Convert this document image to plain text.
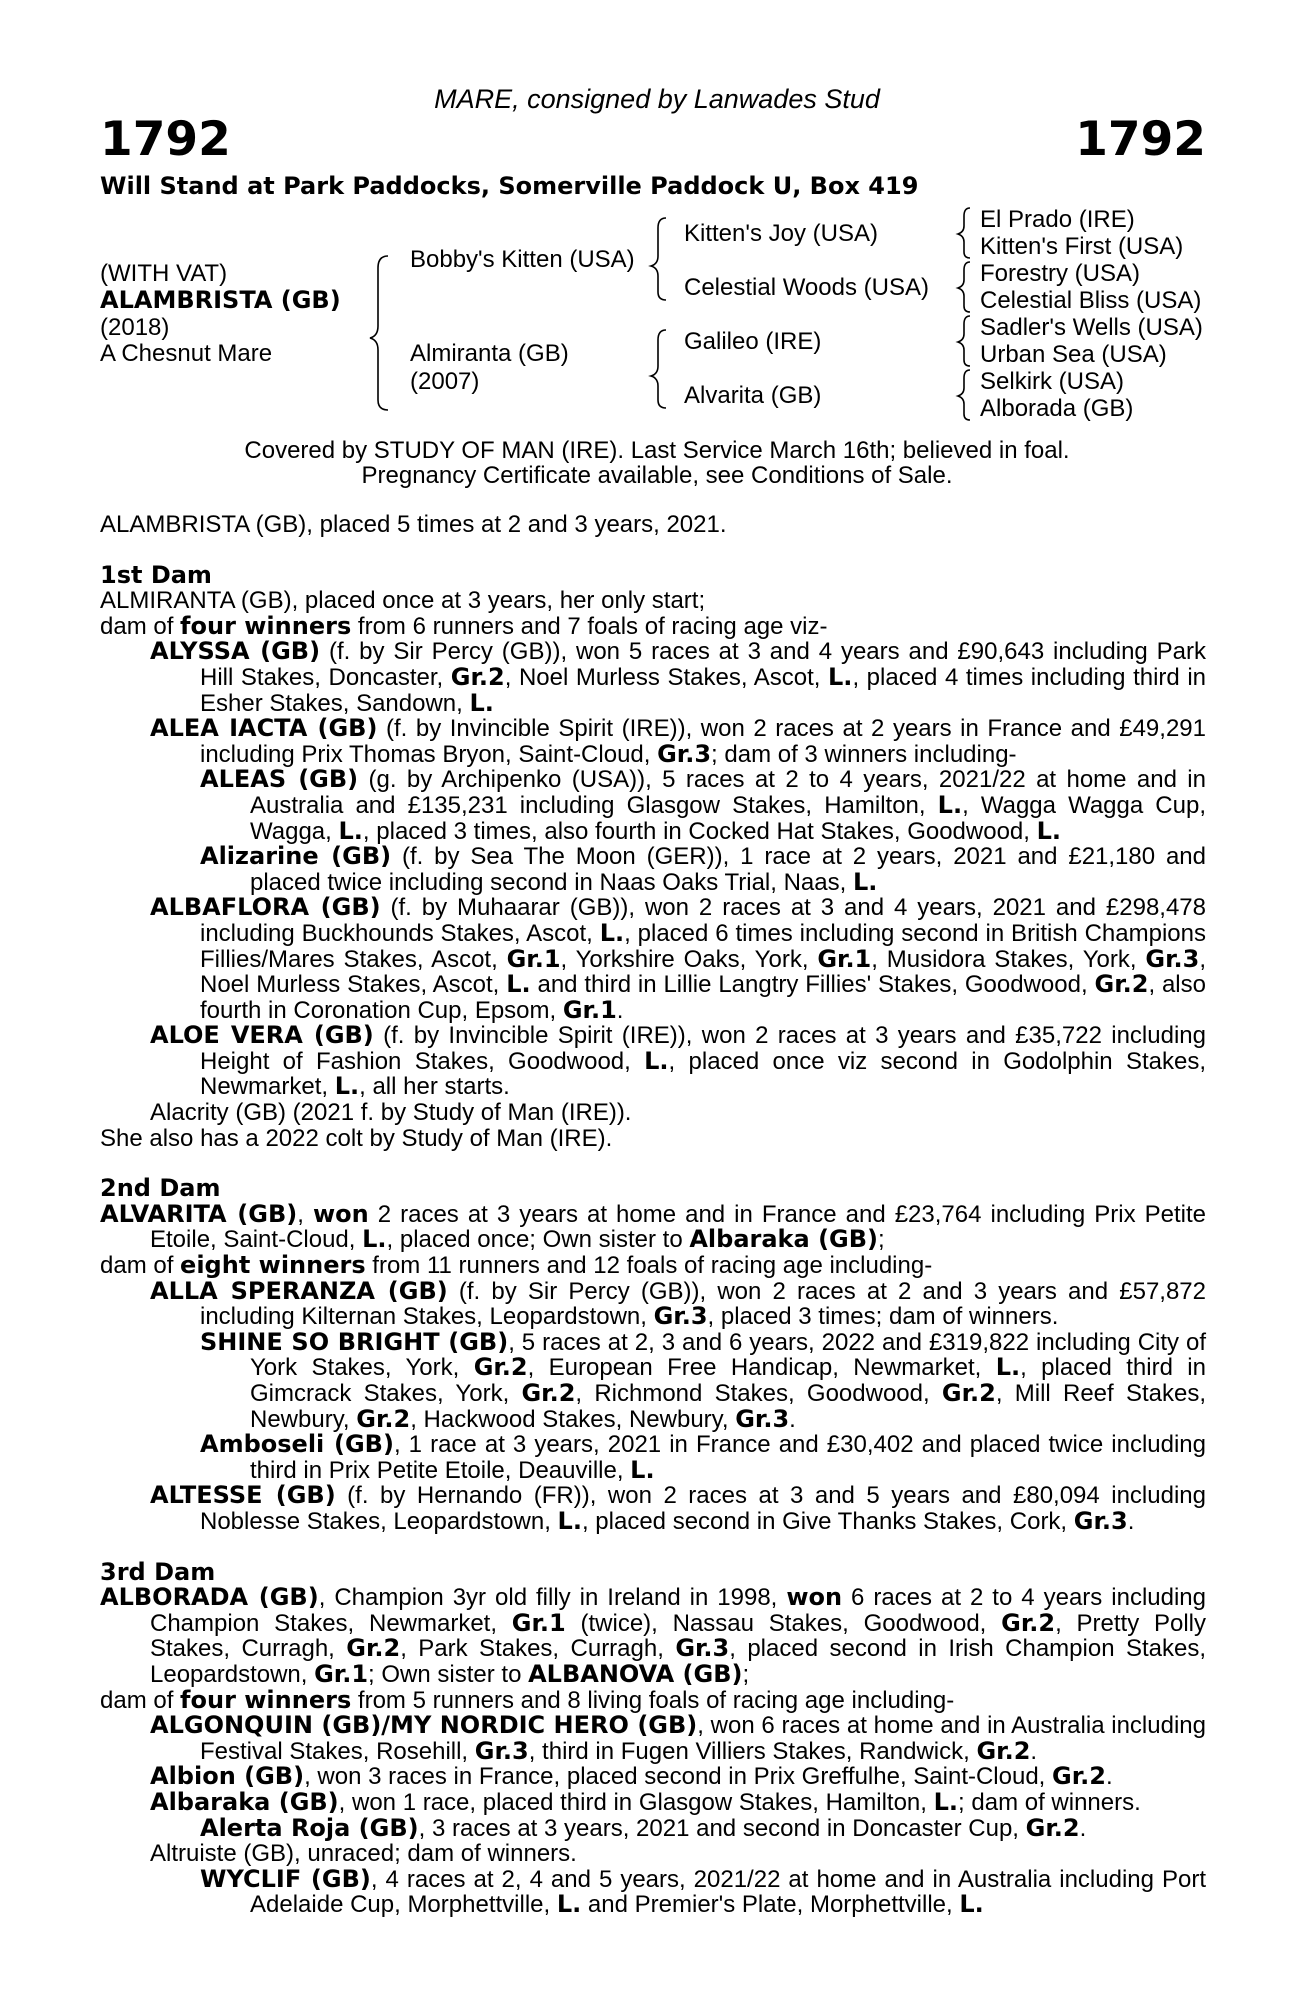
MARE, consigned by Lanwades Stud
1792	1792
Will Stand at Park Paddocks, Somerville Paddock U, Box 419
(WITH VAT)
ALAMBRISTA (GB)
(2018)
A Chesnut Mare
Bobby's Kitten (USA)
Almiranta (GB)
(2007)
Kitten's Joy (USA)
Celestial Woods (USA)
Galileo (IRE)
Alvarita (GB)
El Prado (IRE)
Kitten's First (USA)
Forestry (USA)
Celestial Bliss (USA)
Sadler's Wells (USA)
Urban Sea (USA)
Selkirk (USA)
Alborada (GB)
Covered by STUDY OF MAN (IRE). Last Service March 16th; believed in foal.
Pregnancy Certificate available, see Conditions of Sale.

ALAMBRISTA (GB), placed 5 times at 2 and 3 years, 2021.

1st Dam

ALMIRANTA (GB), placed once at 3 years, her only start;

dam of four winners from 6 runners and 7 foals of racing age viz-

ALYSSA (GB) (f. by Sir Percy (GB)), won 5 races at 3 and 4 years and £90,643 including Park Hill Stakes, Doncaster, Gr.2, Noel Murless Stakes, Ascot, L., placed 4 times including third in Esher Stakes, Sandown, L.

ALEA IACTA (GB) (f. by Invincible Spirit (IRE)), won 2 races at 2 years in France and £49,291 including Prix Thomas Bryon, Saint-Cloud, Gr.3; dam of 3 winners including-

ALEAS (GB) (g. by Archipenko (USA)), 5 races at 2 to 4 years, 2021/22 at home and in Australia and £135,231 including Glasgow Stakes, Hamilton, L., Wagga Wagga Cup, Wagga, L., placed 3 times, also fourth in Cocked Hat Stakes, Goodwood, L.

Alizarine (GB) (f. by Sea The Moon (GER)), 1 race at 2 years, 2021 and £21,180 and placed twice including second in Naas Oaks Trial, Naas, L.

ALBAFLORA (GB) (f. by Muhaarar (GB)), won 2 races at 3 and 4 years, 2021 and £298,478 including Buckhounds Stakes, Ascot, L., placed 6 times including second in British Champions Fillies/Mares Stakes, Ascot, Gr.1, Yorkshire Oaks, York, Gr.1, Musidora Stakes, York, Gr.3, Noel Murless Stakes, Ascot, L. and third in Lillie Langtry Fillies' Stakes, Goodwood, Gr.2, also fourth in Coronation Cup, Epsom, Gr.1.

ALOE VERA (GB) (f. by Invincible Spirit (IRE)), won 2 races at 3 years and £35,722 including Height of Fashion Stakes, Goodwood, L., placed once viz second in Godolphin Stakes, Newmarket, L., all her starts.

Alacrity (GB) (2021 f. by Study of Man (IRE)).

She also has a 2022 colt by Study of Man (IRE).

2nd Dam

ALVARITA (GB), won 2 races at 3 years at home and in France and £23,764 including Prix Petite Etoile, Saint-Cloud, L., placed once; Own sister to Albaraka (GB);

dam of eight winners from 11 runners and 12 foals of racing age including-

ALLA SPERANZA (GB) (f. by Sir Percy (GB)), won 2 races at 2 and 3 years and £57,872 including Kilternan Stakes, Leopardstown, Gr.3, placed 3 times; dam of winners.

SHINE SO BRIGHT (GB), 5 races at 2, 3 and 6 years, 2022 and £319,822 including City of York Stakes, York, Gr.2, European Free Handicap, Newmarket, L., placed third in Gimcrack Stakes, York, Gr.2, Richmond Stakes, Goodwood, Gr.2, Mill Reef Stakes, Newbury, Gr.2, Hackwood Stakes, Newbury, Gr.3.

Amboseli (GB), 1 race at 3 years, 2021 in France and £30,402 and placed twice including third in Prix Petite Etoile, Deauville, L.

ALTESSE (GB) (f. by Hernando (FR)), won 2 races at 3 and 5 years and £80,094 including Noblesse Stakes, Leopardstown, L., placed second in Give Thanks Stakes, Cork, Gr.3.

3rd Dam

ALBORADA (GB), Champion 3yr old filly in Ireland in 1998, won 6 races at 2 to 4 years including Champion Stakes, Newmarket, Gr.1 (twice), Nassau Stakes, Goodwood, Gr.2, Pretty Polly Stakes, Curragh, Gr.2, Park Stakes, Curragh, Gr.3, placed second in Irish Champion Stakes, Leopardstown, Gr.1; Own sister to ALBANOVA (GB);

dam of four winners from 5 runners and 8 living foals of racing age including-

ALGONQUIN (GB)/MY NORDIC HERO (GB), won 6 races at home and in Australia including Festival Stakes, Rosehill, Gr.3, third in Fugen Villiers Stakes, Randwick, Gr.2.

Albion (GB), won 3 races in France, placed second in Prix Greffulhe, Saint-Cloud, Gr.2.

Albaraka (GB), won 1 race, placed third in Glasgow Stakes, Hamilton, L.; dam of winners.

Alerta Roja (GB), 3 races at 3 years, 2021 and second in Doncaster Cup, Gr.2.

Altruiste (GB), unraced; dam of winners.

WYCLIF (GB), 4 races at 2, 4 and 5 years, 2021/22 at home and in Australia including Port Adelaide Cup, Morphettville, L. and Premier's Plate, Morphettville, L.
